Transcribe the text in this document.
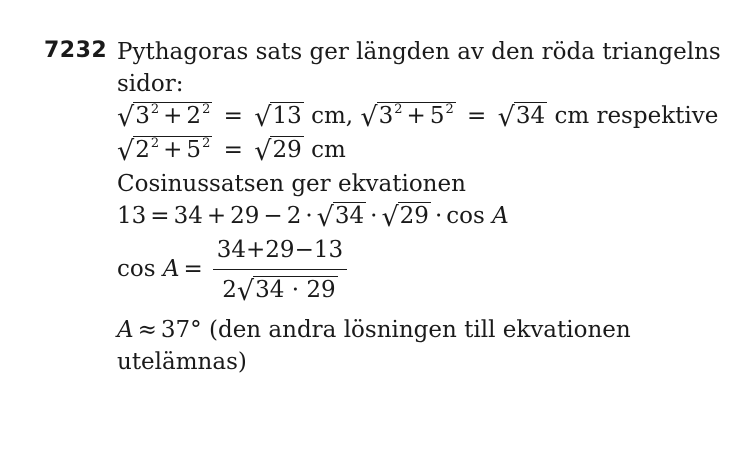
7232 Pythagoras sats ger längden av den röda triangelns
sidor:
$√3^2 + 2^2 = √13$ cm, $√3^2 + 5^2 = √34$ cm respektive
$√2^2 + 5^2 = √29$ cm
Cosinussatsen ger ekvationen
13 = 34 + 29 − 2 · √34 · √29 · cos A
$\cos A = \frac{34+29-13}{2√34 \cdot 29}$
A ≈ 37° (den andra lösningen till ekvationen
utelämnas)
